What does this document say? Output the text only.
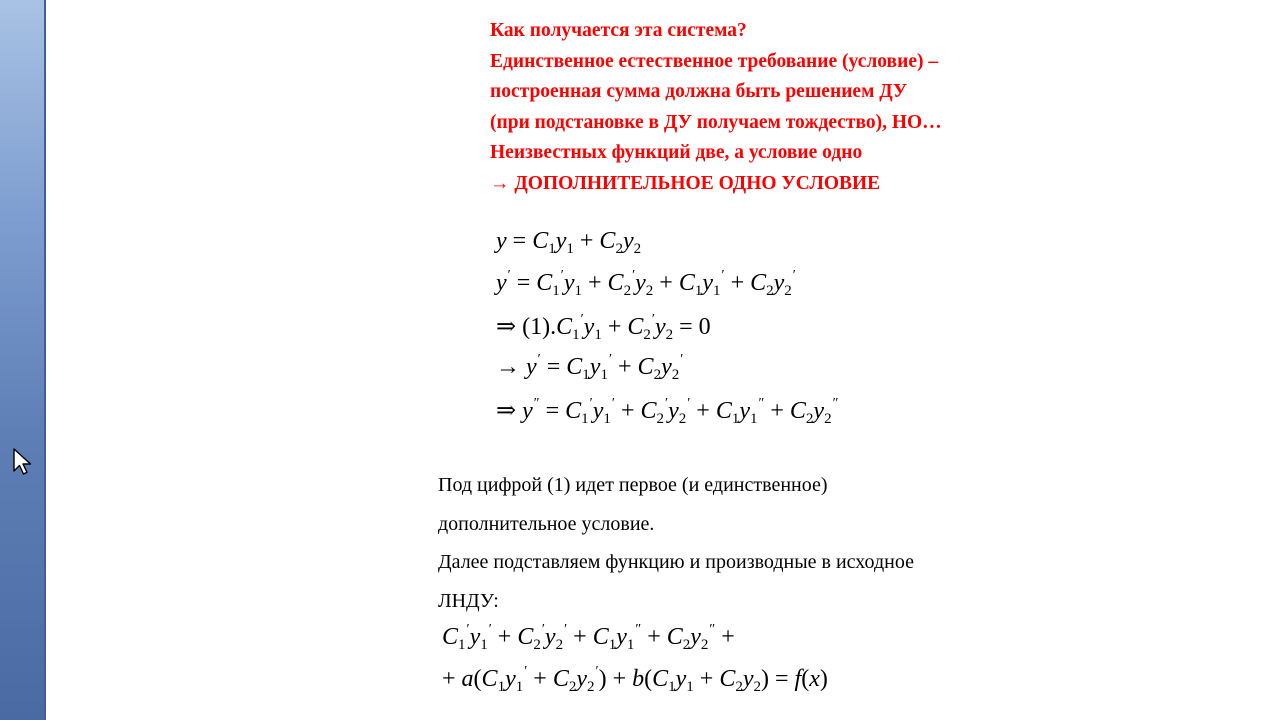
Как получается эта система?
Единственное естественное требование (условие) –
построенная сумма должна быть решением ДУ
(при подстановке в ДУ получаем тождество), НО…
Неизвестных функций две, а условие одно
→ ДОПОЛНИТЕЛЬНОЕ ОДНО УСЛОВИЕ
$y = C_1y_1 + C_2y_2$
$y' = C_1'y_1 + C_2'y_2 + C_1y_1' + C_2y_2'$
⇒ $(1).C_1'y_1 + C_2'y_2 = 0$
→ $y' = C_1y_1' + C_2y_2'$
⇒ $y'' = C_1'y_1' + C_2'y_2' + C_1y_1'' + C_2y_2''$
Под цифрой (1) идет первое (и единственное)
дополнительное условие.
Далее подставляем функцию и производные в исходное
ЛНДУ:
$C_1'y_1' + C_2'y_2' + C_1y_1'' + C_2y_2''$ +
+ $a(C_1y_1' + C_2y_2') + b(C_1y_1 + C_2y_2) = f(x)$
